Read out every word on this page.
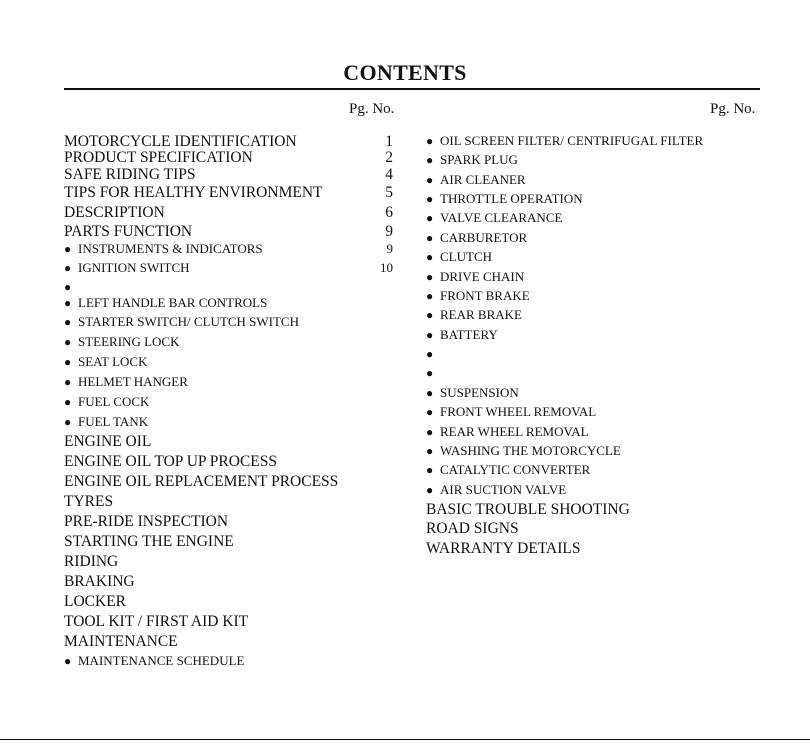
CONTENTS
Pg. No.	Pg. No.
MOTORCYCLE IDENTIFICATION	1
PRODUCT SPECIFICATION	2
SAFE RIDING TIPS	4
TIPS FOR HEALTHY ENVIRONMENT	5
DESCRIPTION	6
PARTS FUNCTION	9
● INSTRUMENTS & INDICATORS	9
● IGNITION SWITCH	10
●
● LEFT HANDLE BAR CONTROLS
● STARTER SWITCH/ CLUTCH SWITCH
● STEERING LOCK
● SEAT LOCK
● HELMET HANGER
● FUEL COCK
● FUEL TANK
ENGINE OIL
ENGINE OIL TOP UP PROCESS
ENGINE OIL REPLACEMENT PROCESS
TYRES
PRE-RIDE INSPECTION
STARTING THE ENGINE
RIDING
BRAKING
LOCKER
TOOL KIT / FIRST AID KIT
MAINTENANCE
● MAINTENANCE SCHEDULE
● OIL SCREEN FILTER/ CENTRIFUGAL FILTER
● SPARK PLUG
● AIR CLEANER
● THROTTLE OPERATION
● VALVE CLEARANCE
● CARBURETOR
● CLUTCH
● DRIVE CHAIN
● FRONT BRAKE
● REAR BRAKE
● BATTERY
●
●
● SUSPENSION
● FRONT WHEEL REMOVAL
● REAR WHEEL REMOVAL
● WASHING THE MOTORCYCLE
● CATALYTIC CONVERTER
● AIR SUCTION VALVE
BASIC TROUBLE SHOOTING
ROAD SIGNS
WARRANTY DETAILS
